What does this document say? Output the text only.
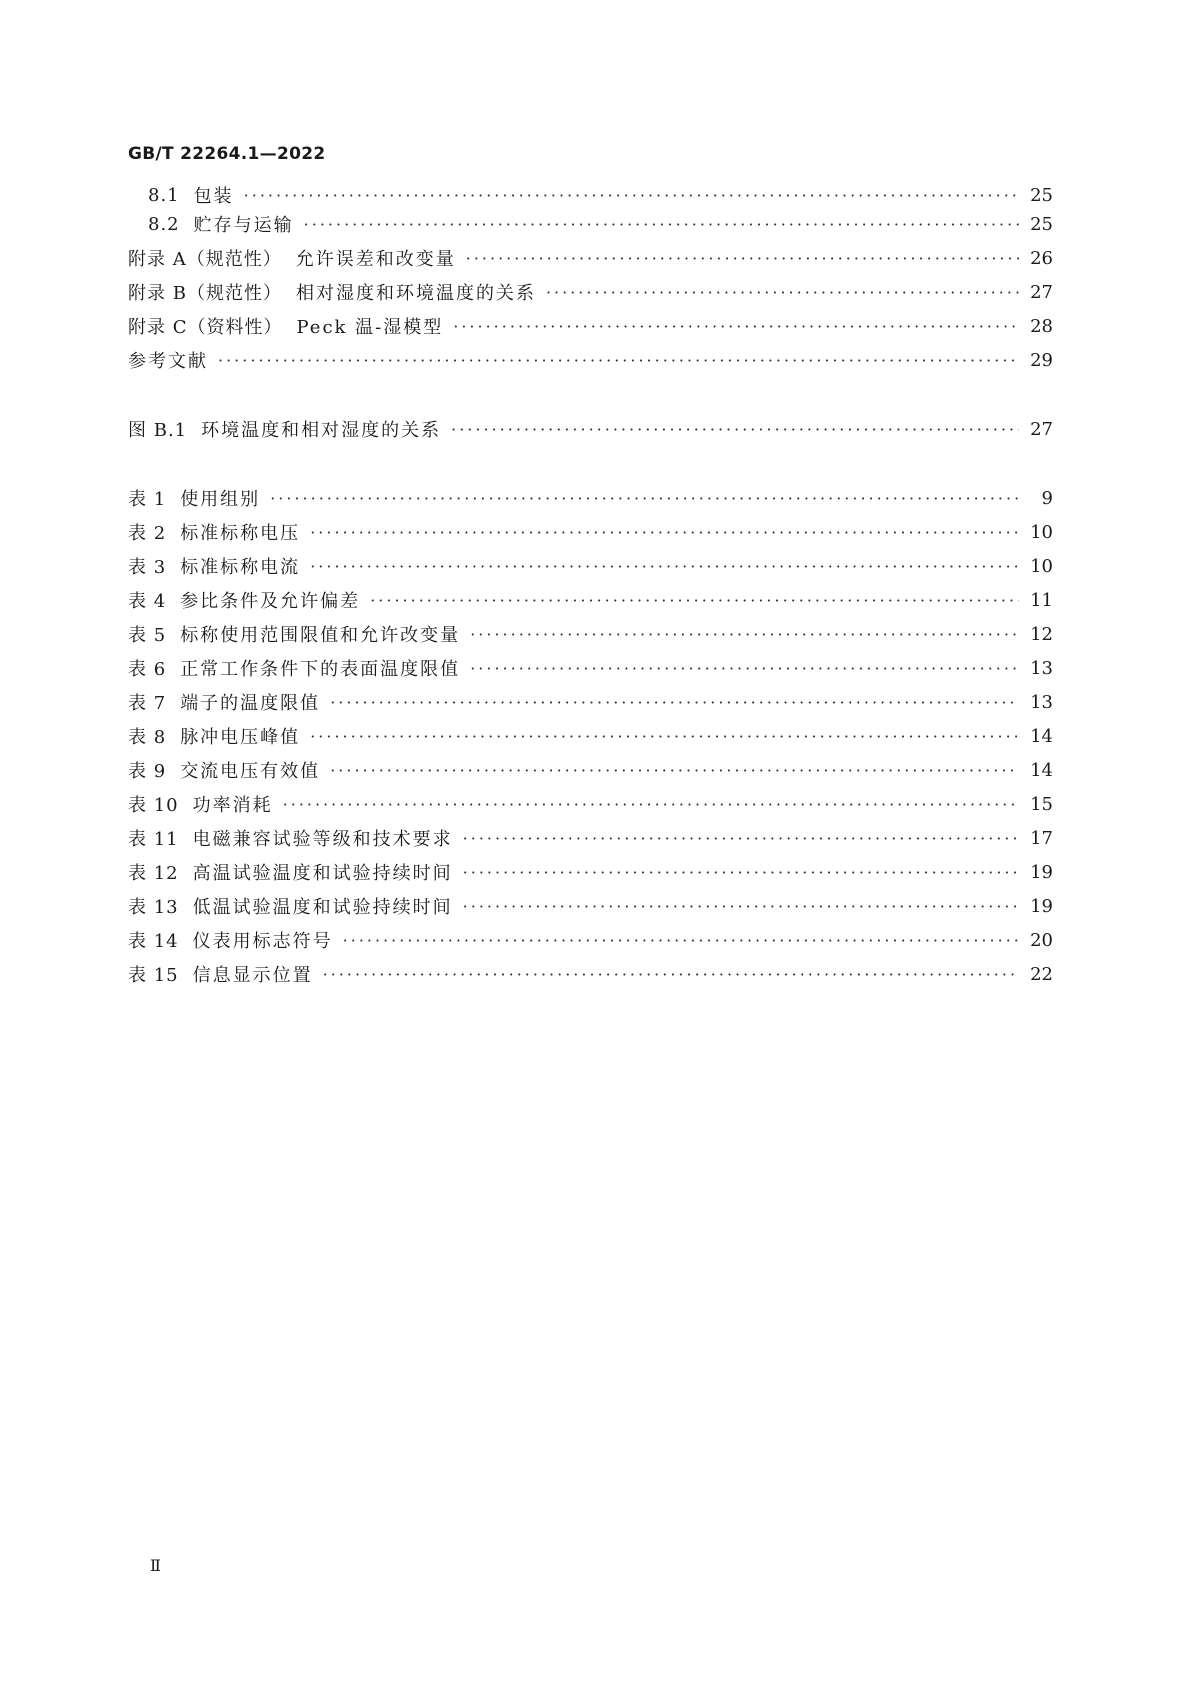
GB/T 22264.1—2022
8.1 包装 ·····	25
8.2 贮存与运输 ·····	25
附录 A（规范性） 允许误差和改变量 ·····	26
附录 B（规范性） 相对湿度和环境温度的关系 ·····	27
附录 C（资料性） Peck 温-湿模型 ·····	28
参考文献 ·····	29
图 B.1 环境温度和相对湿度的关系 ·····	27
表 1 使用组别 ·····	9
表 2 标准标称电压 ·····	10
表 3 标准标称电流 ·····	10
表 4 参比条件及允许偏差 ·····	11
表 5 标称使用范围限值和允许改变量 ·····	12
表 6 正常工作条件下的表面温度限值 ·····	13
表 7 端子的温度限值 ·····	13
表 8 脉冲电压峰值 ·····	14
表 9 交流电压有效值 ·····	14
表 10 功率消耗 ·····	15
表 11 电磁兼容试验等级和技术要求 ·····	17
表 12 高温试验温度和试验持续时间 ·····	19
表 13 低温试验温度和试验持续时间 ·····	19
表 14 仪表用标志符号 ·····	20
表 15 信息显示位置 ·····	22
Ⅱ
